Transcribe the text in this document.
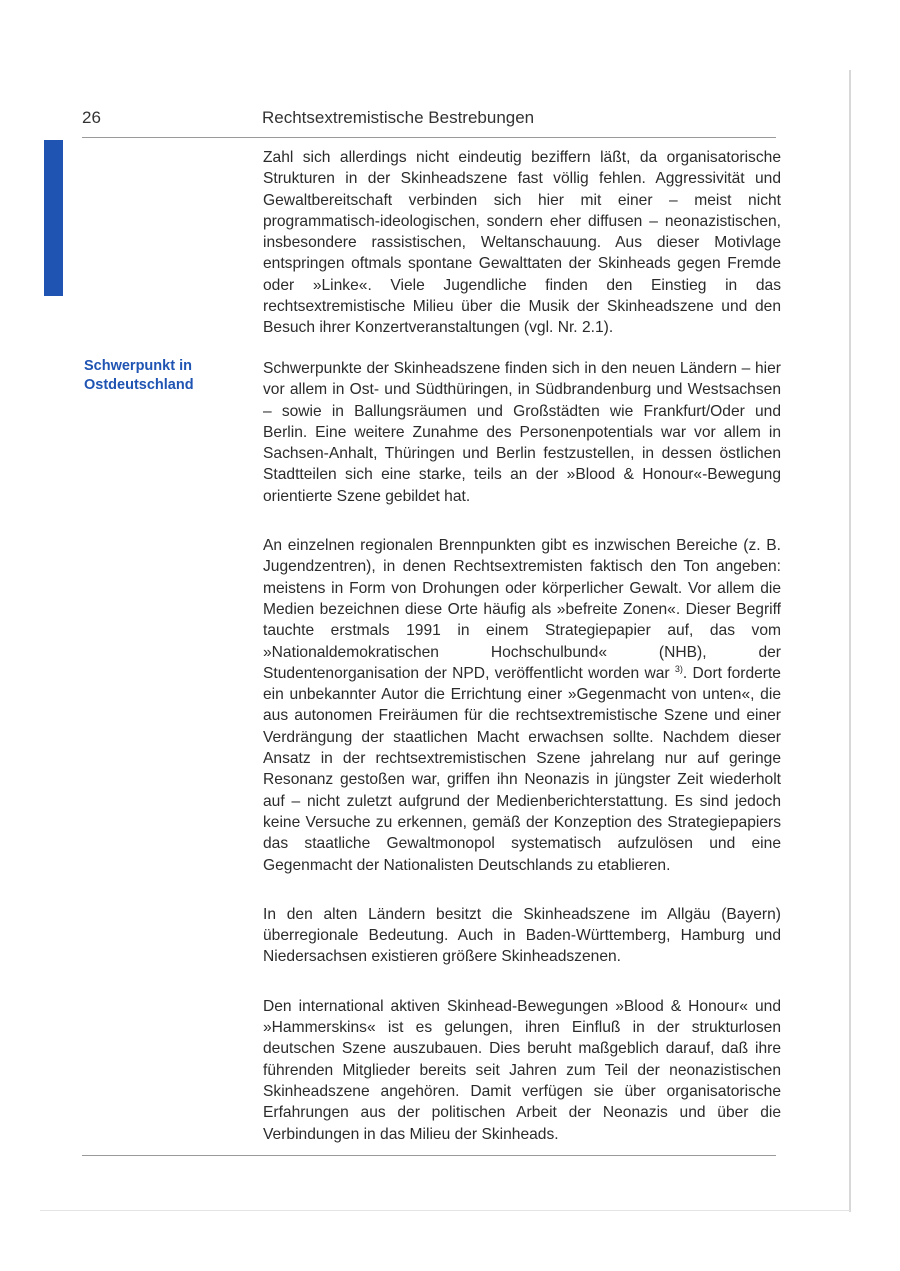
26	Rechtsextremistische Bestrebungen
Schwerpunkt in
Ostdeutschland

Zahl sich allerdings nicht eindeutig beziffern läßt, da organisatorische Strukturen in der Skinheadszene fast völlig fehlen. Aggressivität und Gewaltbereitschaft verbinden sich hier mit einer – meist nicht programmatisch-ideologischen, sondern eher diffusen – neonazistischen, insbesondere rassistischen, Weltanschauung. Aus dieser Motivlage entspringen oftmals spontane Gewalttaten der Skinheads gegen Fremde oder »Linke«. Viele Jugendliche finden den Einstieg in das rechtsextremistische Milieu über die Musik der Skinheadszene und den Besuch ihrer Konzertveranstaltungen (vgl. Nr. 2.1).

Schwerpunkte der Skinheadszene finden sich in den neuen Ländern – hier vor allem in Ost- und Südthüringen, in Südbrandenburg und Westsachsen – sowie in Ballungsräumen und Großstädten wie Frankfurt/Oder und Berlin. Eine weitere Zunahme des Personenpotentials war vor allem in Sachsen-Anhalt, Thüringen und Berlin festzustellen, in dessen östlichen Stadtteilen sich eine starke, teils an der »Blood & Honour«-Bewegung orientierte Szene gebildet hat.

An einzelnen regionalen Brennpunkten gibt es inzwischen Bereiche (z. B. Jugendzentren), in denen Rechtsextremisten faktisch den Ton angeben: meistens in Form von Drohungen oder körperlicher Gewalt. Vor allem die Medien bezeichnen diese Orte häufig als »befreite Zonen«. Dieser Begriff tauchte erstmals 1991 in einem Strategiepapier auf, das vom »Nationaldemokratischen Hochschulbund« (NHB), der Studentenorganisation der NPD, veröffentlicht worden war $^{3)}$. Dort forderte ein unbekannter Autor die Errichtung einer »Gegenmacht von unten«, die aus autonomen Freiräumen für die rechtsextremistische Szene und einer Verdrängung der staatlichen Macht erwachsen sollte. Nachdem dieser Ansatz in der rechtsextremistischen Szene jahrelang nur auf geringe Resonanz gestoßen war, griffen ihn Neonazis in jüngster Zeit wiederholt auf – nicht zuletzt aufgrund der Medienberichterstattung. Es sind jedoch keine Versuche zu erkennen, gemäß der Konzeption des Strategiepapiers das staatliche Gewaltmonopol systematisch aufzulösen und eine Gegenmacht der Nationalisten Deutschlands zu etablieren.

In den alten Ländern besitzt die Skinheadszene im Allgäu (Bayern) überregionale Bedeutung. Auch in Baden-Württemberg, Hamburg und Niedersachsen existieren größere Skinheadszenen.

Den international aktiven Skinhead-Bewegungen »Blood & Honour« und »Hammerskins« ist es gelungen, ihren Einfluß in der strukturlosen deutschen Szene auszubauen. Dies beruht maßgeblich darauf, daß ihre führenden Mitglieder bereits seit Jahren zum Teil der neonazistischen Skinheadszene angehören. Damit verfügen sie über organisatorische Erfahrungen aus der politischen Arbeit der Neonazis und über die Verbindungen in das Milieu der Skinheads.
